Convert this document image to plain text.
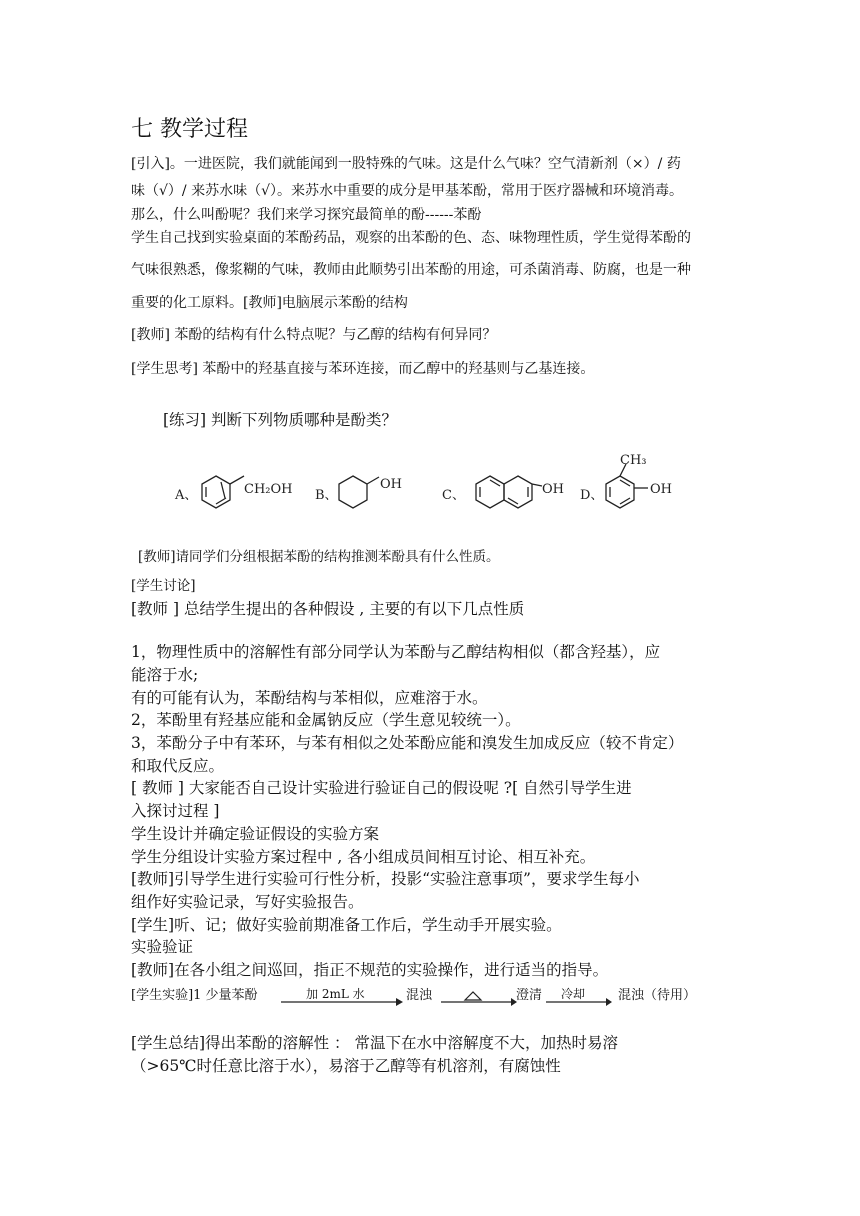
七 教学过程
[引入]。一进医院，我们就能闻到一股特殊的气味。这是什么气味？空气清新剂（×）/ 药
味（√）/ 来苏水味（√）。来苏水中重要的成分是甲基苯酚，常用于医疗器械和环境消毒。
那么，什么叫酚呢？我们来学习探究最简单的酚------苯酚
学生自己找到实验桌面的苯酚药品，观察的出苯酚的色、态、味物理性质，学生觉得苯酚的
气味很熟悉，像浆糊的气味，教师由此顺势引出苯酚的用途，可杀菌消毒、防腐，也是一种
重要的化工原料。[教师]电脑展示苯酚的结构
[教师] 苯酚的结构有什么特点呢？与乙醇的结构有何异同？
[学生思考] 苯酚中的羟基直接与苯环连接，而乙醇中的羟基则与乙基连接。
[练习] 判断下列物质哪种是酚类？
A、	CH₂OH B、
OH
C、	OH D、	OH
CH₃
[教师]请同学们分组根据苯酚的结构推测苯酚具有什么性质。
[学生讨论]
[教师 ] 总结学生提出的各种假设 , 主要的有以下几点性质
1，物理性质中的溶解性有部分同学认为苯酚与乙醇结构相似（都含羟基），应
能溶于水;
有的可能有认为，苯酚结构与苯相似，应难溶于水。
2，苯酚里有羟基应能和金属钠反应（学生意见较统一）。
3，苯酚分子中有苯环，与苯有相似之处苯酚应能和溴发生加成反应（较不肯定）
和取代反应。
[ 教师 ] 大家能否自己设计实验进行验证自己的假设呢 ?[ 自然引导学生进
入探讨过程 ]
学生设计并确定验证假设的实验方案
学生分组设计实验方案过程中 , 各小组成员间相互讨论、相互补充。
[教师]引导学生进行实验可行性分析，投影“实验注意事项”，要求学生每小
组作好实验记录，写好实验报告。
[学生]听、记；做好实验前期准备工作后，学生动手开展实验。
实验验证
[教师]在各小组之间巡回，指正不规范的实验操作，进行适当的指导。
[学生实验]1 少量苯酚	加 2mL 水	混浊	澄清 冷却	混浊（待用）
[学生总结]得出苯酚的溶解性 ： 常温下在水中溶解度不大，加热时易溶
（>65℃时任意比溶于水），易溶于乙醇等有机溶剂，有腐蚀性
